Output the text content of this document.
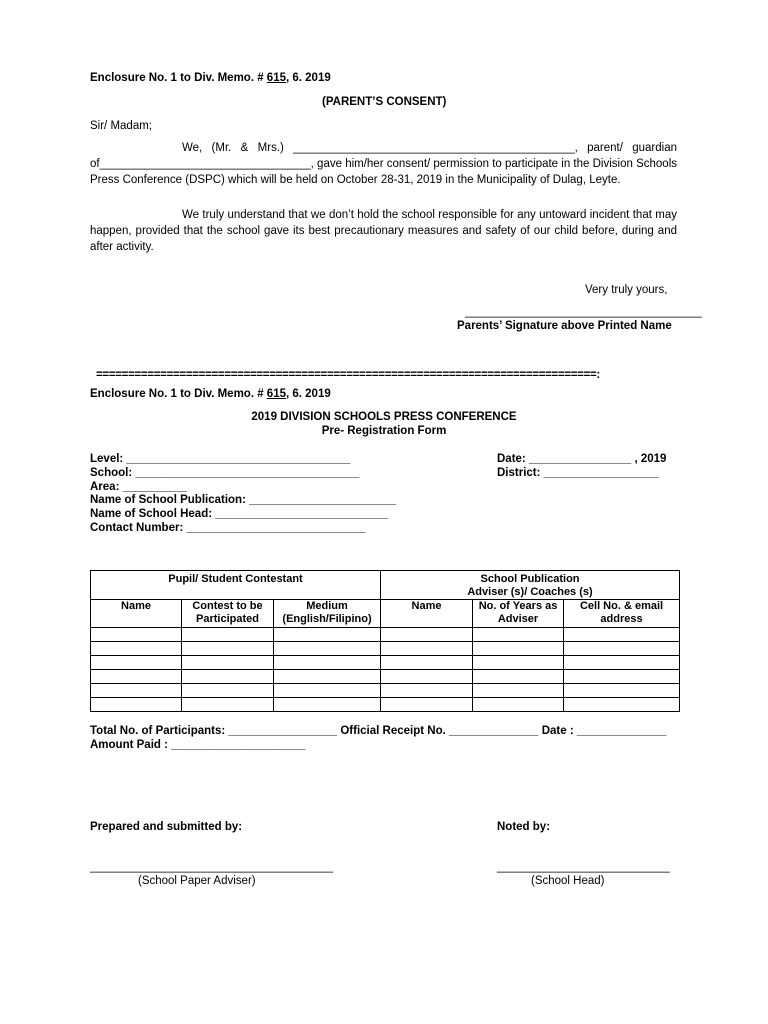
Enclosure No. 1 to Div. Memo. # 615, 6. 2019
(PARENT’S CONSENT)
Sir/ Madam;
We, (Mr. & Mrs.) ____________________________________________, parent/ guardian of_________________________________, gave him/her consent/ permission to participate in the Division Schools Press Conference (DSPC) which will be held on October 28-31, 2019 in the Municipality of Dulag, Leyte.
We truly understand that we don’t hold the school responsible for any untoward incident that may happen, provided that the school gave its best precautionary measures and safety of our child before, during and after activity.
Very truly yours,
_____________________________________
Parents’ Signature above Printed Name
==============================================================================:
Enclosure No. 1 to Div. Memo. # 615, 6. 2019
2019 DIVISION SCHOOLS PRESS CONFERENCE
Pre- Registration Form
Level: ___________________________________
School: ___________________________________
Area: __________
Name of School Publication: _______________________
Name of School Head: ___________________________
Contact Number: ____________________________
Date: ________________ , 2019
District: __________________
Pupil/ Student Contestant			School Publication
Adviser (s)/ Coaches (s)		

Name	Contest to be Participated	Medium (English/Filipino)	Name	No. of Years as Adviser	Cell No. & email address

Total No. of Participants: _________________ Official Receipt No. ______________ Date : ______________
Amount Paid : _____________________
Prepared and submitted by:	Noted by:
______________________________________	___________________________
(School Paper Adviser)	(School Head)
